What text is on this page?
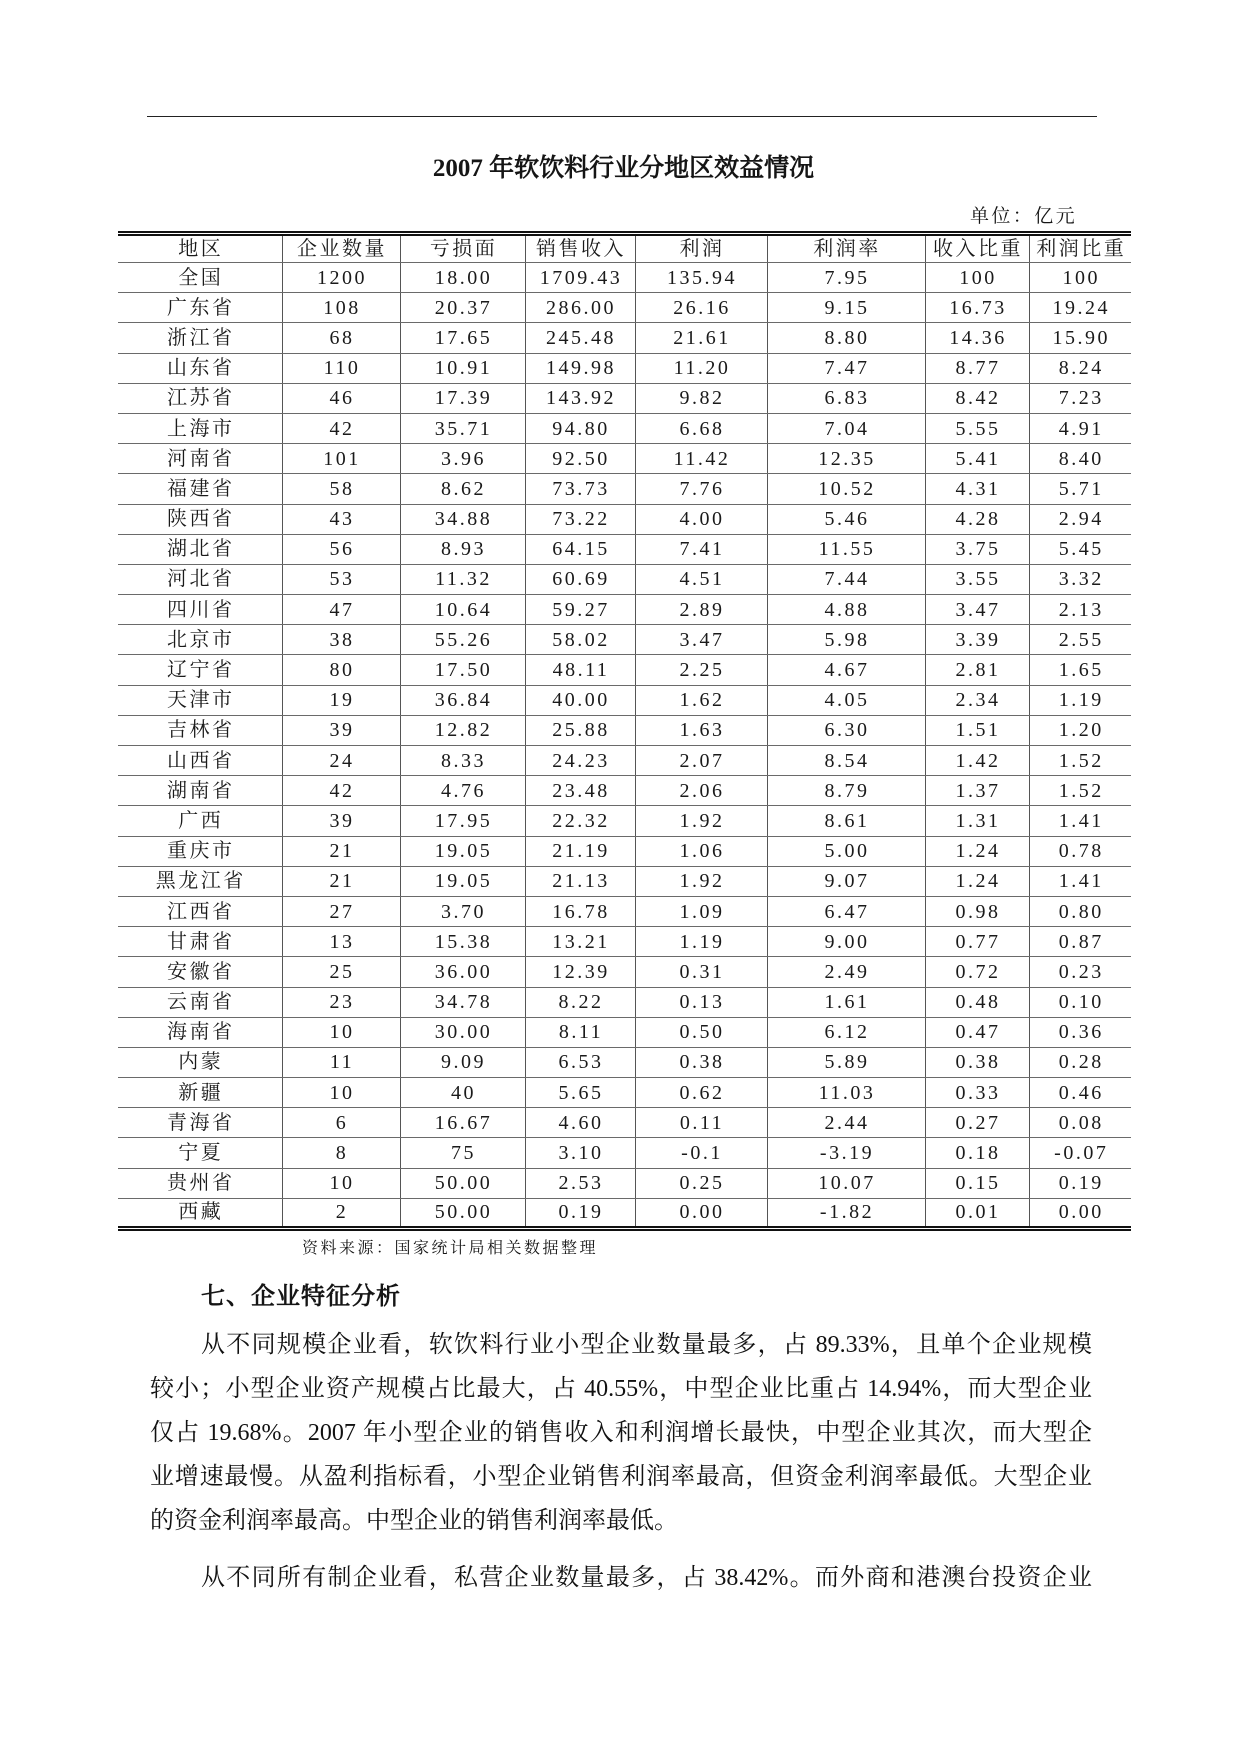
2007 年软饮料行业分地区效益情况
单位：亿元
地区	企业数量	亏损面	销售收入	利润	利润率	收入比重	利润比重
全国	1200	18.00	1709.43	135.94	7.95	100	100
广东省	108	20.37	286.00	26.16	9.15	16.73	19.24
浙江省	68	17.65	245.48	21.61	8.80	14.36	15.90
山东省	110	10.91	149.98	11.20	7.47	8.77	8.24
江苏省	46	17.39	143.92	9.82	6.83	8.42	7.23
上海市	42	35.71	94.80	6.68	7.04	5.55	4.91
河南省	101	3.96	92.50	11.42	12.35	5.41	8.40
福建省	58	8.62	73.73	7.76	10.52	4.31	5.71
陕西省	43	34.88	73.22	4.00	5.46	4.28	2.94
湖北省	56	8.93	64.15	7.41	11.55	3.75	5.45
河北省	53	11.32	60.69	4.51	7.44	3.55	3.32
四川省	47	10.64	59.27	2.89	4.88	3.47	2.13
北京市	38	55.26	58.02	3.47	5.98	3.39	2.55
辽宁省	80	17.50	48.11	2.25	4.67	2.81	1.65
天津市	19	36.84	40.00	1.62	4.05	2.34	1.19
吉林省	39	12.82	25.88	1.63	6.30	1.51	1.20
山西省	24	8.33	24.23	2.07	8.54	1.42	1.52
湖南省	42	4.76	23.48	2.06	8.79	1.37	1.52
广西	39	17.95	22.32	1.92	8.61	1.31	1.41
重庆市	21	19.05	21.19	1.06	5.00	1.24	0.78
黑龙江省	21	19.05	21.13	1.92	9.07	1.24	1.41
江西省	27	3.70	16.78	1.09	6.47	0.98	0.80
甘肃省	13	15.38	13.21	1.19	9.00	0.77	0.87
安徽省	25	36.00	12.39	0.31	2.49	0.72	0.23
云南省	23	34.78	8.22	0.13	1.61	0.48	0.10
海南省	10	30.00	8.11	0.50	6.12	0.47	0.36
内蒙	11	9.09	6.53	0.38	5.89	0.38	0.28
新疆	10	40	5.65	0.62	11.03	0.33	0.46
青海省	6	16.67	4.60	0.11	2.44	0.27	0.08
宁夏	8	75	3.10	-0.1	-3.19	0.18	-0.07
贵州省	10	50.00	2.53	0.25	10.07	0.15	0.19
西藏	2	50.00	0.19	0.00	-1.82	0.01	0.00
资料来源：国家统计局相关数据整理
七、企业特征分析
从不同规模企业看，软饮料行业小型企业数量最多，占 89.33%，且单个企业规模
较小；小型企业资产规模占比最大，占 40.55%，中型企业比重占 14.94%，而大型企业
仅占 19.68%。2007 年小型企业的销售收入和利润增长最快，中型企业其次，而大型企
业增速最慢。从盈利指标看，小型企业销售利润率最高，但资金利润率最低。大型企业
的资金利润率最高。中型企业的销售利润率最低。
从不同所有制企业看，私营企业数量最多，占 38.42%。而外商和港澳台投资企业
